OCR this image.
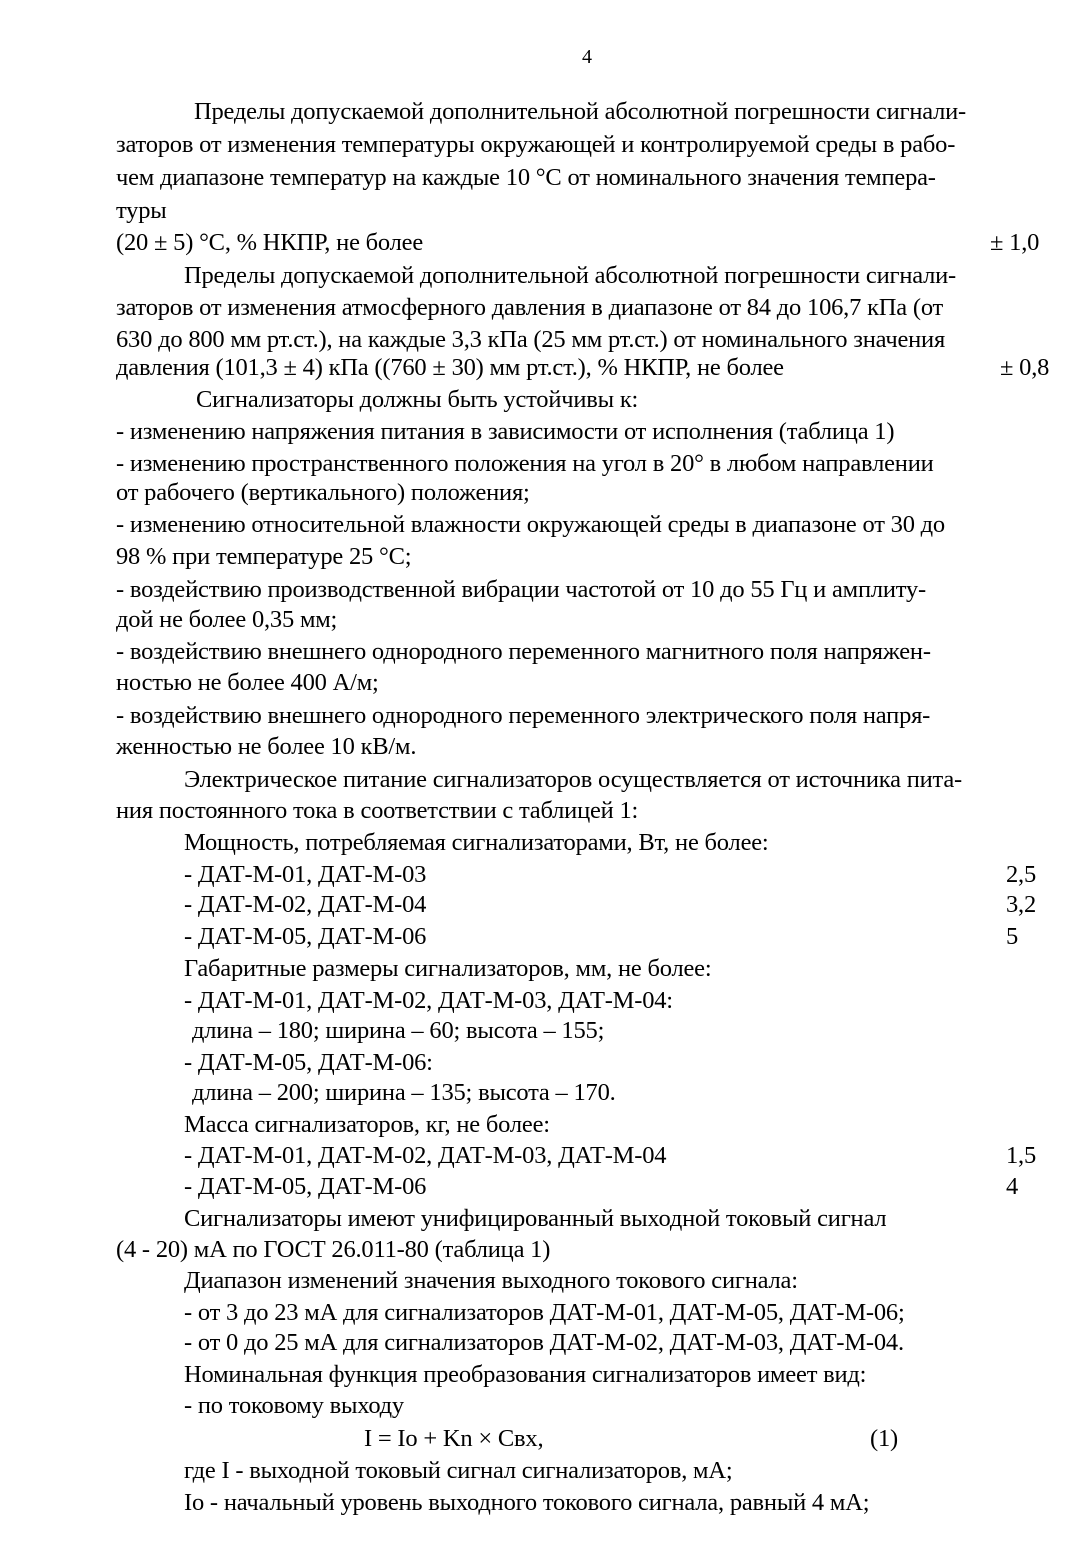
4
Пределы допускаемой дополнительной абсолютной погрешности сигнали-
заторов от изменения температуры окружающей и контролируемой среды в рабо-
чем диапазоне температур на каждые 10 °С от номинального значения темпера-
туры
(20 ± 5) °С, % НКПР, не более	± 1,0
Пределы допускаемой дополнительной абсолютной погрешности сигнали-
заторов от изменения атмосферного давления в диапазоне от 84 до 106,7 кПа (от
630 до 800 мм рт.ст.), на каждые 3,3 кПа (25 мм рт.ст.) от номинального значения
давления (101,3 ± 4) кПа ((760 ± 30) мм рт.ст.), % НКПР, не более	± 0,8
Сигнализаторы должны быть устойчивы к:
- изменению напряжения питания в зависимости от исполнения (таблица 1)
- изменению пространственного положения на угол в 20° в любом направлении
от рабочего (вертикального) положения;
- изменению относительной влажности окружающей среды в диапазоне от 30 до
98 % при температуре 25 °С;
- воздействию производственной вибрации частотой от 10 до 55 Гц и амплиту-
дой не более 0,35 мм;
- воздействию внешнего однородного переменного магнитного поля напряжен-
ностью не более 400 А/м;
- воздействию внешнего однородного переменного электрического поля напря-
женностью не более 10 кВ/м.
Электрическое питание сигнализаторов осуществляется от источника пита-
ния постоянного тока в соответствии с таблицей 1:
Мощность, потребляемая сигнализаторами, Вт, не более:
- ДАТ-М-01, ДАТ-М-03	2,5
- ДАТ-М-02, ДАТ-М-04	3,2
- ДАТ-М-05, ДАТ-М-06	5
Габаритные размеры сигнализаторов, мм, не более:
- ДАТ-М-01, ДАТ-М-02, ДАТ-М-03, ДАТ-М-04:
длина – 180; ширина – 60; высота – 155;
- ДАТ-М-05, ДАТ-М-06:
длина – 200; ширина – 135; высота – 170.
Масса сигнализаторов, кг, не более:
- ДАТ-М-01, ДАТ-М-02, ДАТ-М-03, ДАТ-М-04	1,5
- ДАТ-М-05, ДАТ-М-06	4
Сигнализаторы имеют унифицированный выходной токовый сигнал
(4 - 20) мА по ГОСТ 26.011-80 (таблица 1)
Диапазон изменений значения выходного токового сигнала:
- от 3 до 23 мА для сигнализаторов ДАТ-М-01, ДАТ-М-05, ДАТ-М-06;
- от 0 до 25 мА для сигнализаторов ДАТ-М-02, ДАТ-М-03, ДАТ-М-04.
Номинальная функция преобразования сигнализаторов имеет вид:
- по токовому выходу
I = Io + Kn × Cвх,	(1)
где I - выходной токовый сигнал сигнализаторов, мА;
Io - начальный уровень выходного токового сигнала, равный 4 мА;
